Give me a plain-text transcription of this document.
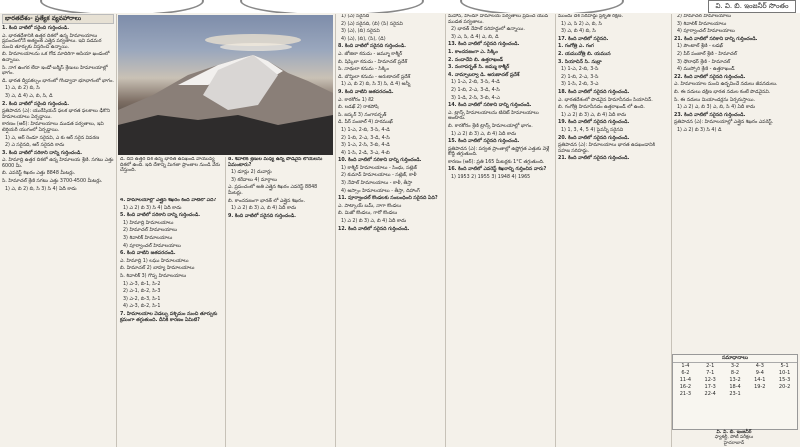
వి. వి. బి. ఇంజనీర్ సొంతం
భారతదేశం- ప్రత్యేక వ్యవహారాలు

1. కింది వాటిలో సరైంది గుర్తించండి.

ఎ. భారతదేశానికి ఉత్తర దిశలో ఉన్న హిమాలయాలు ప్రపంచంలోనే అత్యంత ఎత్తైన పర్వతాలు. ఇవి పడమర నుంచి తూర్పుకు విస్తరించి ఉన్నాయి.

బి. హిమాలయాలను ఒక గోడ మాదిరిగా ఆసియా ఖండంలో ఉన్నాయి.

సి. నాగ ఉంగర లేదా ఇండో-బర్మీస్ శ్రేణులు హిమాలయాల్లో భాగం.

డి. భారత ద్వీపకల్పం భాగంలో గొండ్వానా భూభాగంలో భాగం.

1) ఎ, బి 2) బి, సి

3) ఎ, డి 4) ఎ, బి, సి, డి

2. కింది వాటిలో సరైంది గుర్తించండి.

ప్రతిపాదన (ఎ): యురేషియన్ ఫలక భారత ఫలకాలు ఢీకొని హిమాలయాలు ఏర్పడ్డాయి.

కారణం (ఆర్): హిమాలయాలు ముడత పర్వతాలు, ఇవి టెర్షియరీ యుగంలో ఏర్పడ్డాయి.

1) ఎ, ఆర్ రెండూ సరైనవి, ఎ కు ఆర్ సరైన వివరణ

2) ఎ సరైనది, ఆర్ సరైనది కాదు

3. కింది వాటిలో సరికాని దాన్ని గుర్తించండి.

ఎ. హిమాద్రి ఉత్తర దిశలో ఉన్న హిమాలయ శ్రేణి. సగటు ఎత్తు 6000 మీ.

బి. ఎవరెస్ట్ శిఖరం ఎత్తు 8848 మీటర్లు.

సి. హిమాచల్ శ్రేణి సగటు ఎత్తు 3700-4500 మీటర్లు.

1) ఎ, బి 2) బి, సి 3) సి 4) ఏదీ కాదు

డి. దీని ఉత్తర దిశ ఉన్న భారత ఉపఖండ వాయువ్య దిశలో ఉంది. ఇది దేశాన్ని మిగతా ప్రాంతాల నుండి వేరు చేస్తుంది.

4. హిమాలయాల్లో ఎత్తైన శిఖరం కింది వాటిలో ఏది?

1) ఎ 2) బి 3) సి 4) ఏదీ కాదు

5. కింది వాటిలో సరికాని దాన్ని గుర్తించండి.

1) హిమాద్రి హిమాలయాలు

2) హిమాచల్ హిమాలయాలు

3) శివాలిక్ హిమాలయాలు

4) పూర్వాంచల్ హిమాలయాలు

6. కింది వాటిని జతపరచండి.

ఎ. హిమాద్రి 1) లఘు హిమాలయాలు

బి. హిమాచల్ 2) బాహ్య హిమాలయాలు

సి. శివాలిక్ 3) గొప్ప హిమాలయాలు

1) ఎ-3, బి-1, సి-2

2) ఎ-1, బి-2, సి-3

3) ఎ-2, బి-3, సి-1

4) ఎ-3, బి-2, సి-1

7. హిమాలయాల వెడల్పు పశ్చిమం నుంచి తూర్పుకు క్రమంగా తగ్గుతుంది. దీనికి కారణం ఏమిటి?

8. శివాలిక్ శ్రేణుల మధ్య ఉన్న పొడవైన లోయలను ఏమంటారు?

1) డూన్లు 2) దువార్లు

3) కరేవాలు 4) మార్గాలు

ఎ. ప్రపంచంలో అతి ఎత్తైన శిఖరం ఎవరెస్ట్ 8848 మీటర్లు.

బి. కాంచనజంగా భారత్ లో ఎత్తైన శిఖరం.

1) ఎ 2) బి 3) ఎ, బి 4) ఏదీ కాదు

9. కింది వాటిలో సరైనది గుర్తించండి.

1) (ఎ) సరైనది

2) (ఎ) సరైనది, (బి) (సి) సరైనవి

3) (ఎ), (బి) సరైనవి

4) (ఎ), (బి), (సి), (డి)

8. కింది వాటిలో సరైనది గుర్తించండి.

ఎ. జోజిలా కనుమ - జమ్మూ కాశ్మీర్

బి. షిప్కిలా కనుమ - హిమాచల్ ప్రదేశ్

సి. నాథులా కనుమ - సిక్కిం

డి. బొమ్డిలా కనుమ - అరుణాచల్ ప్రదేశ్

1) ఎ, బి 2) బి, సి 3) సి, డి 4) అన్నీ

9. కింది వాటిని జతపరచండి.

ఎ. కారకోరం 1) కే2

బి. లడఖ్ 2) రాకపోషి

సి. జస్కర్ 3) నంగాపర్బత్

డి. పీర్ పంజాల్ 4) హరముఖ్

1) 1-ఎ, 2-బి, 3-సి, 4-డి

2) 1-బి, 2-ఎ, 3-డి, 4-సి

3) 1-ఎ, 2-సి, 3-బి, 4-డి

4) 1-సి, 2-డి, 3-ఎ, 4-బి

10. కింది వాటిలో సరికాని దాన్ని గుర్తించండి.

1) కాశ్మీర్ హిమాలయాలు - సింధు, సట్లెజ్

2) కుమావ్ హిమాలయాలు - సట్లెజ్, కాళీ

3) నేపాల్ హిమాలయాలు - కాళీ, తీస్తా

4) అస్సాం హిమాలయాలు - తీస్తా, దిహాంగ్

11. పూర్వాంచల్ కొండలకు సంబంధించి సరైనది ఏది?

ఎ. పాట్కాయ్ బమ్, నాగా కొండలు

బి. మిజో కొండలు, గారో కొండలు

1) ఎ 2) బి 3) ఎ, బి 4) ఏదీ కాదు

12. కింది వాటిలో సరైనది గుర్తించండి.

మహాన్, హిందూ హిమాలయ పర్వతాలు ప్రపంచ యువ ముడత పర్వతాలు.

2) భారత్ నేపాల్ సరిహద్దులో ఉన్నాయి.

3) ఎ, సి, డి 4) ఎ, బి, డి

13. కింది వాటిలో సరైనది గుర్తించండి.

1. కాంచనజంగా ఎ. సిక్కిం

2. నందాదేవి బి. ఉత్తరాఖండ్

3. నంగాపర్బత్ సి. జమ్ము కాశ్మీర్

4. నామ్చాబర్వా డి. అరుణాచల్ ప్రదేశ్

1) 1-ఎ, 2-బి, 3-సి, 4-డి

2) 1-బి, 2-ఎ, 3-డి, 4-సి

3) 1-డి, 2-సి, 3-బి, 4-ఎ

14. కింది వాటిలో సరికాని దాన్ని గుర్తించండి.

ఎ. ట్రాన్స్ హిమాలయాలను టిబెట్ హిమాలయాలు అంటారు.

బి. కారకోరం శ్రేణి ట్రాన్స్ హిమాలయాల్లో భాగం.

1) ఎ 2) బి 3) ఎ, బి 4) ఏదీ కాదు

15. కింది వాటిలో సరైనది గుర్తించండి.

ప్రతిపాదన (ఎ): పర్వత ప్రాంతాల్లో ఉష్ణోగ్రత ఎత్తుకు వెళ్లే కొద్దీ తగ్గుతుంది.

కారణం (ఆర్): ప్రతి 165 మీటర్లకు 1°C తగ్గుతుంది.

16. కింది వాటిలో ఎవరెస్ట్ శిఖరాన్ని గుర్తించిన వారు?

1) 1953 2) 1955 3) 1948 4) 1965

ముందు దేశ సరిహద్దు ప్రకృతి రక్షణ.

1) ఎ, సి 2) ఎ, బి, సి

3) ఎ, బి 4) బి, సి

17. కింది వాటిలో సరైనది.

1. గంగోత్రి ఎ. గంగ

2. యమునోత్రి బి. యమున

3. సియాచిన్ సి. నుబ్రా

1) 1-ఎ, 2-బి, 3-సి

2) 1-బి, 2-ఎ, 3-సి

3) 1-సి, 2-బి, 3-ఎ

18. కింది వాటిలో సరైనది గుర్తించండి.

ఎ. భారతదేశంలో పొడవైన హిమానీనదం సియాచిన్.

బి. గంగోత్రి హిమానీనదం ఉత్తరాఖండ్ లో ఉంది.

1) ఎ 2) బి 3) ఎ, బి 4) ఏదీ కాదు

19. కింది వాటిలో సరైనది గుర్తించండి.

1) 1, 3, 4, 5 4) పైవన్నీ సరైనవి

20. కింది వాటిలో సరైనది గుర్తించండి.

ప్రతిపాదన (ఎ): హిమాలయాలు భారత ఉపఖండానికి సహజ సరిహద్దు.

21. కింది వాటిలో సరైనది గుర్తించండి.

2) హిమాచల్ హిమాలయాలు

3) శివాలిక్ హిమాలయాలు

4) పూర్వాంచల్ హిమాలయాలు

21. కింది వాటిలో సరికాని దాన్ని గుర్తించండి.

1) పౌంటాల్ శ్రేణి - లడఖ్

2) పీర్ పంజాల్ శ్రేణి - హిమాచల్

3) ధౌలాధర్ శ్రేణి - హిమాచల్

4) ముస్సోరి శ్రేణి - ఉత్తరాఖండ్

22. కింది వాటిలో సరైనది గుర్తించండి.

ఎ. హిమాలయాల నుంచి ఉద్భవించే నదులు జీవనదులు.

బి. ఈ నదులు దక్షిణ భారత నదుల కంటే పొడవైనవి.

సి. ఈ నదులు మియాండర్లను ఏర్పరుస్తాయి.

1) ఎ 2) ఎ, బి 3) ఎ, బి, సి 4) ఏదీ కాదు

23. కింది వాటిలో సరైనది గుర్తించండి.

ప్రతిపాదన (ఎ): హిమాలయాల్లో ఎత్తైన శిఖరం ఎవరెస్ట్.

1) ఎ 2) బి 3) సి 4) డి

సమాధానాలు
1-4	2-1	3-2	4-3	5-1
6-2	7-1	8-2	9-4	10-1
11-4	12-3	13-2	14-1	15-3
16-2	17-3	18-4	19-2	20-2
21-3	22-4	23-1		
వి. వి. బి. ఇంజనీర్
ఫ్యాకల్టీ, పోటీ పరీక్షలు
హైదరాబాద్
